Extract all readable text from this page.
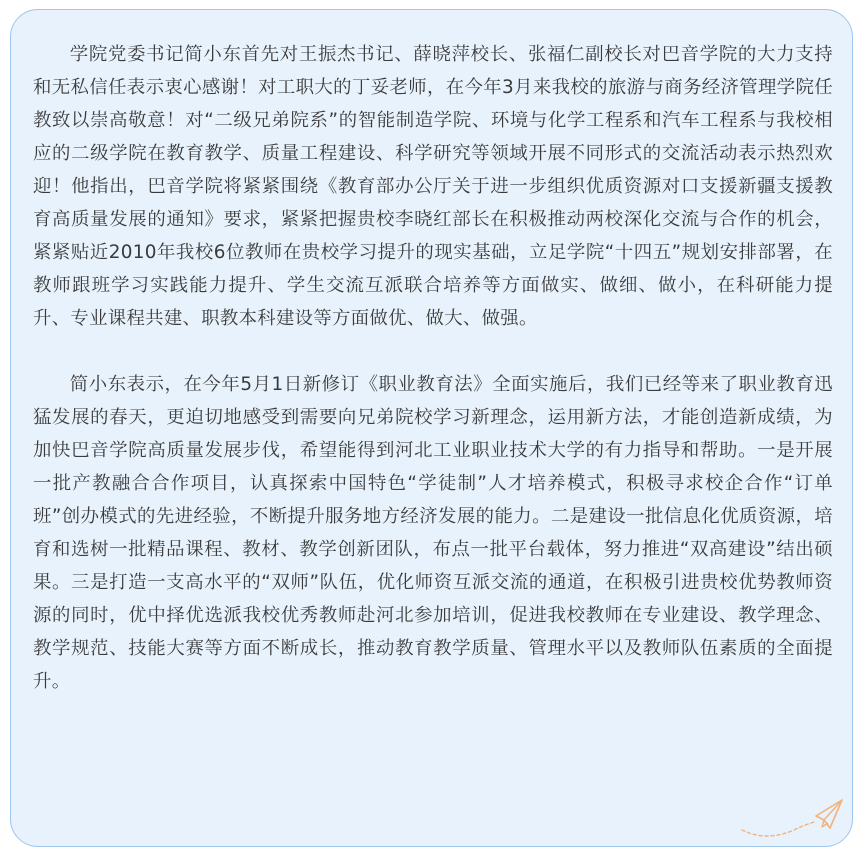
学院党委书记简小东首先对王振杰书记、薛晓萍校长、张福仁副校长对巴音学院的大力支持和无私信任表示衷心感谢！对工职大的丁妥老师，在今年3月来我校的旅游与商务经济管理学院任教致以崇高敬意！对“二级兄弟院系”的智能制造学院、环境与化学工程系和汽车工程系与我校相应的二级学院在教育教学、质量工程建设、科学研究等领域开展不同形式的交流活动表示热烈欢迎！他指出，巴音学院将紧紧围绕《教育部办公厅关于进一步组织优质资源对口支援新疆支援教育高质量发展的通知》要求，紧紧把握贵校李晓红部长在积极推动两校深化交流与合作的机会，紧紧贴近2010年我校6位教师在贵校学习提升的现实基础，立足学院“十四五”规划安排部署，在教师跟班学习实践能力提升、学生交流互派联合培养等方面做实、做细、做小，在科研能力提升、专业课程共建、职教本科建设等方面做优、做大、做强。

简小东表示，在今年5月1日新修订《职业教育法》全面实施后，我们已经等来了职业教育迅猛发展的春天，更迫切地感受到需要向兄弟院校学习新理念，运用新方法，才能创造新成绩，为加快巴音学院高质量发展步伐，希望能得到河北工业职业技术大学的有力指导和帮助。一是开展一批产教融合合作项目，认真探索中国特色“学徒制”人才培养模式，积极寻求校企合作“订单班”创办模式的先进经验，不断提升服务地方经济发展的能力。二是建设一批信息化优质资源，培育和选树一批精品课程、教材、教学创新团队，布点一批平台载体，努力推进“双高建设”结出硕果。三是打造一支高水平的“双师”队伍，优化师资互派交流的通道，在积极引进贵校优势教师资源的同时，优中择优选派我校优秀教师赴河北参加培训，促进我校教师在专业建设、教学理念、教学规范、技能大赛等方面不断成长，推动教育教学质量、管理水平以及教师队伍素质的全面提升。
